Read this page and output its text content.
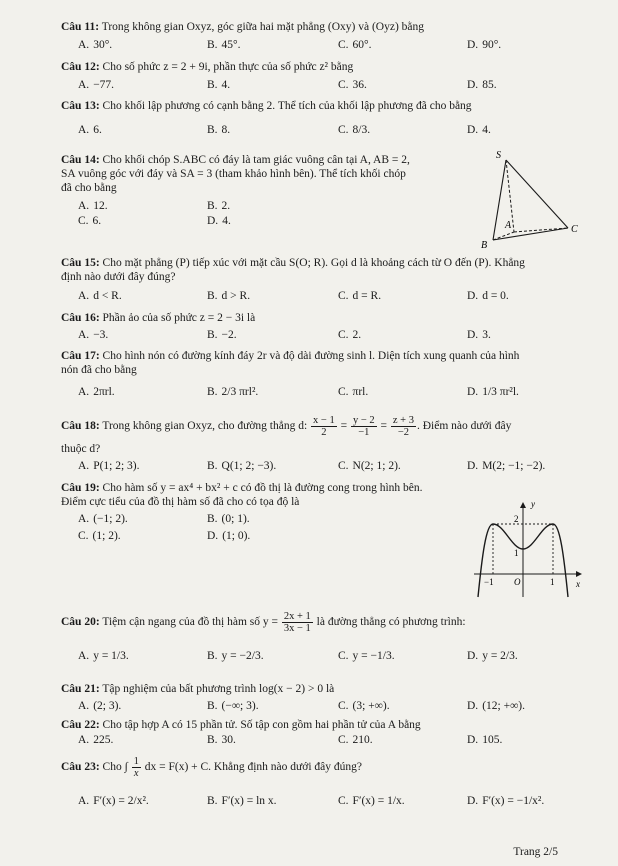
Câu 11: Trong không gian Oxyz, góc giữa hai mặt phẳng (Oxy) và (Oyz) bằng
A. 30°.	B. 45°.	C. 60°.	D. 90°.
Câu 12: Cho số phức z = 2 + 9i, phần thực của số phức z² bằng
A. −77.	B. 4.	C. 36.	D. 85.
Câu 13: Cho khối lập phương có cạnh bằng 2. Thể tích của khối lập phương đã cho bằng
A. 6.	B. 8.	C. 8/3.	D. 4.
Câu 14: Cho khối chóp S.ABC có đáy là tam giác vuông cân tại A, AB = 2,
SA vuông góc với đáy và SA = 3 (tham khảo hình bên). Thể tích khối chóp
đã cho bằng
A. 12.	B. 2.
C. 6.	D. 4.
S
A
B
C
Câu 15: Cho mặt phẳng (P) tiếp xúc với mặt cầu S(O; R). Gọi d là khoảng cách từ O đến (P). Khẳng
định nào dưới đây đúng?
A. d < R.	B. d > R.	C. d = R.	D. d = 0.
Câu 16: Phần ảo của số phức z = 2 − 3i là
A. −3.	B. −2.	C. 2.	D. 3.
Câu 17: Cho hình nón có đường kính đáy 2r và độ dài đường sinh l. Diện tích xung quanh của hình
nón đã cho bằng
A. 2πrl.	B. 2/3 πrl².	C. πrl.	D. 1/3 πr²l.
Câu 18: Trong không gian Oxyz, cho đường thẳng d: $\frac{x - 1}{2} = \frac{y - 2}{-1} = \frac{z + 3}{-2}$ . Điểm nào dưới đây
thuộc d?
A. P(1; 2; 3).	B. Q(1; 2; −3).	C. N(2; 1; 2).	D. M(2; −1; −2).
Câu 19: Cho hàm số y = ax⁴ + bx² + c có đồ thị là đường cong trong hình bên.
Điểm cực tiểu của đồ thị hàm số đã cho có tọa độ là
A. (−1; 2).	B. (0; 1).
C. (1; 2).	D. (1; 0).
y
x
2
1
O
−1	1
Câu 20: Tiệm cận ngang của đồ thị hàm số $y = \frac{2x + 1}{3x - 1}$ là đường thẳng có phương trình:
A. y = 1/3.	B. y = −2/3.	C. y = −1/3.	D. y = 2/3.
Câu 21: Tập nghiệm của bất phương trình log(x − 2) > 0 là
A. (2; 3).	B. (−∞; 3).	C. (3; +∞).	D. (12; +∞).
Câu 22: Cho tập hợp A có 15 phần tử. Số tập con gồm hai phần tử của A bằng
A. 225.	B. 30.	C. 210.	D. 105.
Câu 23: Cho ∫ $\frac{1}{x}$ dx = F(x) + C. Khẳng định nào dưới đây đúng?
A. F′(x) = 2/x².	B. F′(x) = ln x.	C. F′(x) = 1/x.	D. F′(x) = −1/x².
Trang 2/5
